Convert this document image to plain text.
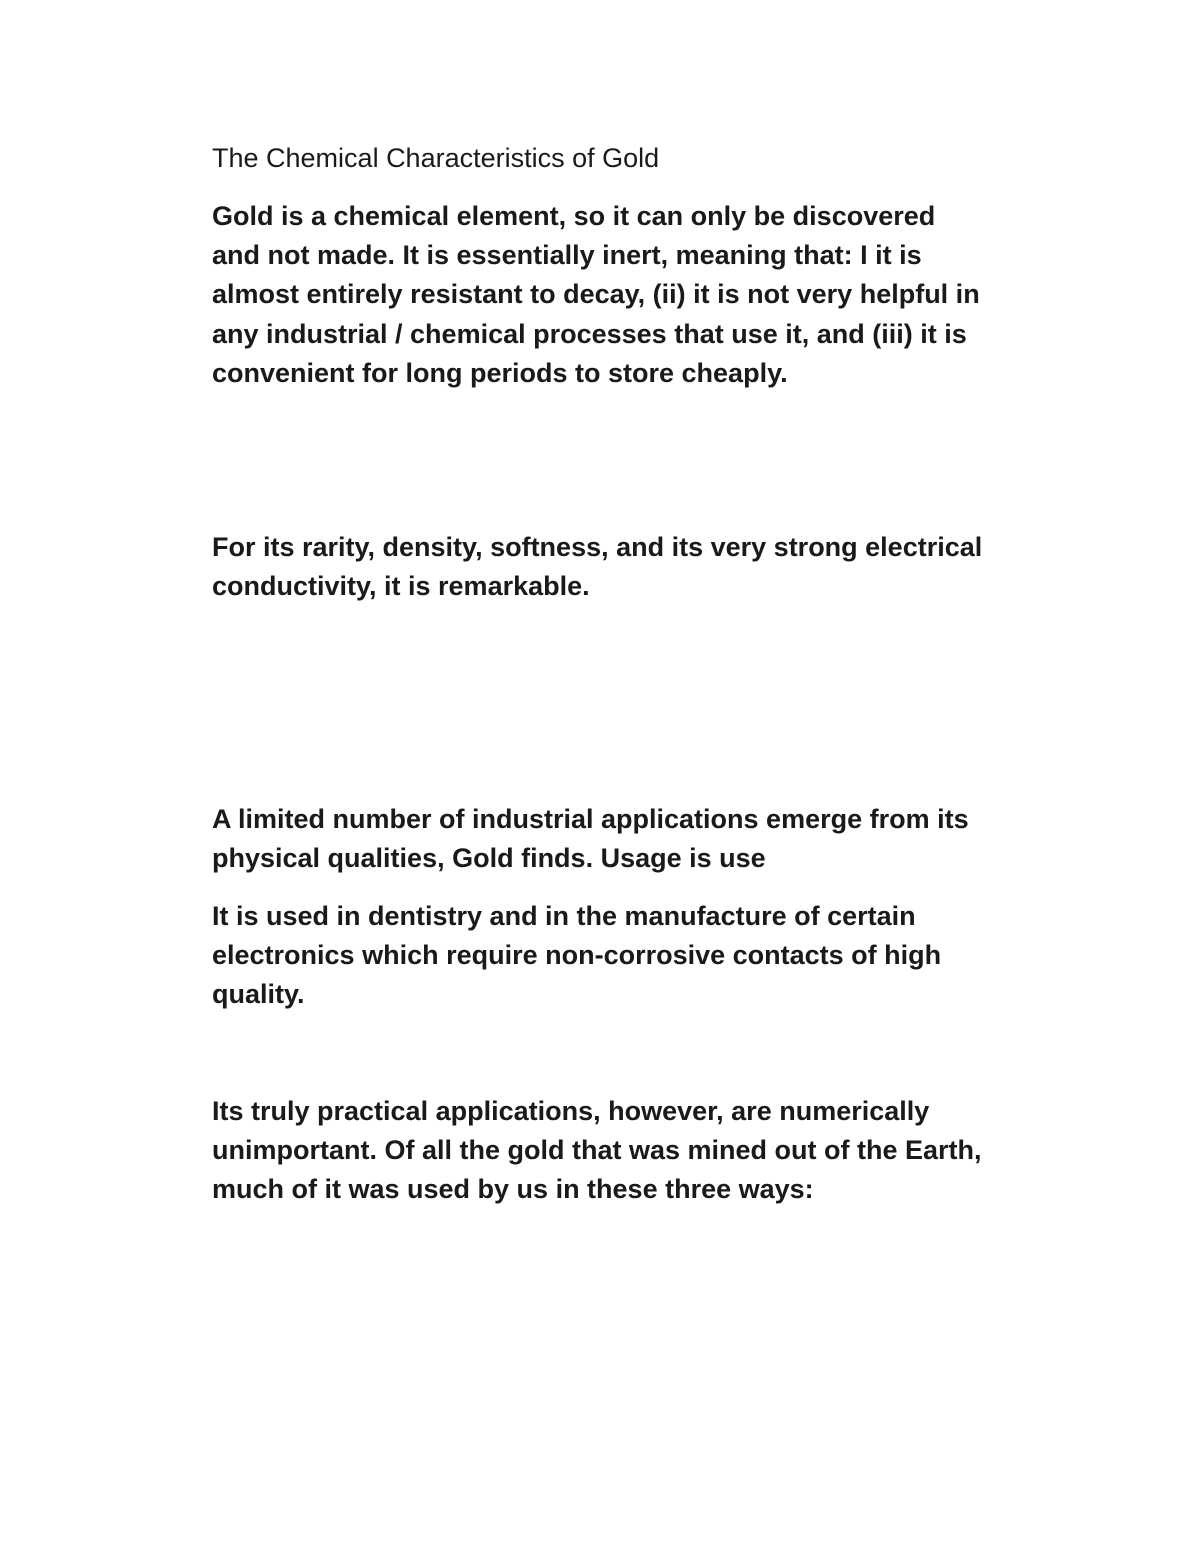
The Chemical Characteristics of Gold

Gold is a chemical element, so it can only be discovered
and not made. It is essentially inert, meaning that: I it is
almost entirely resistant to decay, (ii) it is not very helpful in
any industrial / chemical processes that use it, and (iii) it is
convenient for long periods to store cheaply.

For its rarity, density, softness, and its very strong electrical
conductivity, it is remarkable.

A limited number of industrial applications emerge from its
physical qualities, Gold finds. Usage is use

It is used in dentistry and in the manufacture of certain
electronics which require non-corrosive contacts of high
quality.

Its truly practical applications, however, are numerically
unimportant. Of all the gold that was mined out of the Earth,
much of it was used by us in these three ways:
